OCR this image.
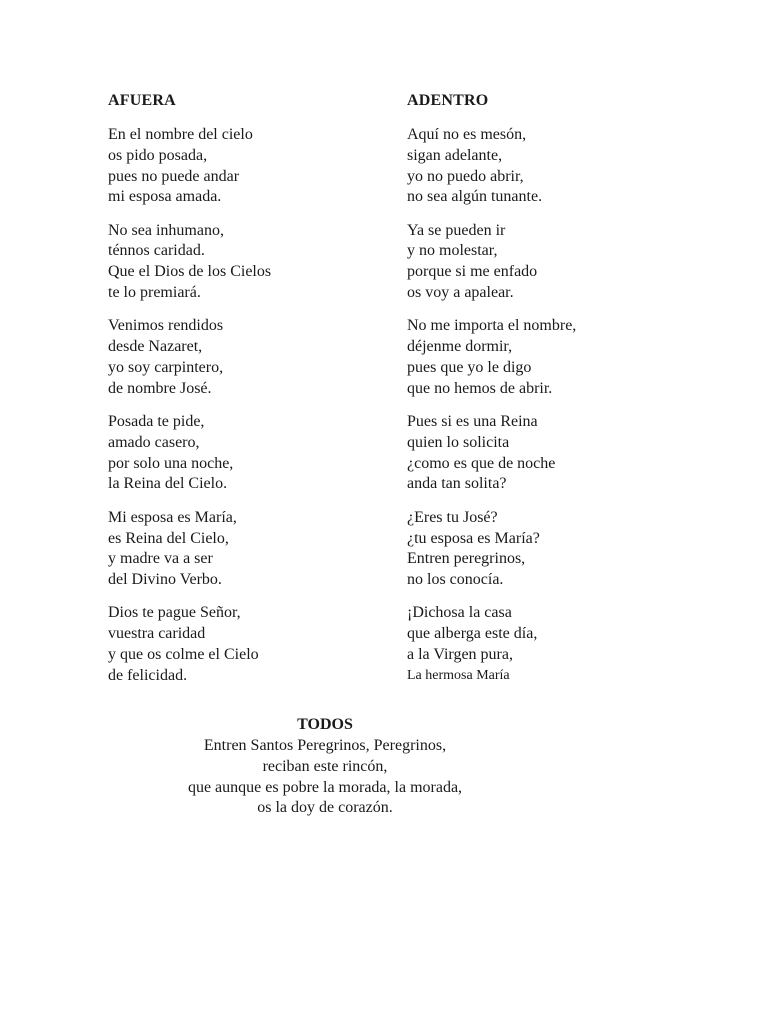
AFUERA
En el nombre del cielo
os pido posada,
pues no puede andar
mi esposa amada.
No sea inhumano,
ténnos caridad.
Que el Dios de los Cielos
te lo premiará.
Venimos rendidos
desde Nazaret,
yo soy carpintero,
de nombre José.
Posada te pide,
amado casero,
por solo una noche,
la Reina del Cielo.
Mi esposa es María,
es Reina del Cielo,
y madre va a ser
del Divino Verbo.
Dios te pague Señor,
vuestra caridad
y que os colme el Cielo
de felicidad.
ADENTRO
Aquí no es mesón,
sigan adelante,
yo no puedo abrir,
no sea algún tunante.
Ya se pueden ir
y no molestar,
porque si me enfado
os voy a apalear.
No me importa el nombre,
déjenme dormir,
pues que yo le digo
que no hemos de abrir.
Pues si es una Reina
quien lo solicita
¿como es que de noche
anda tan solita?
¿Eres tu José?
¿tu esposa es María?
Entren peregrinos,
no los conocía.
¡Dichosa la casa
que alberga este día,
a la Virgen pura,
La hermosa María
TODOS
Entren Santos Peregrinos, Peregrinos,
reciban este rincón,
que aunque es pobre la morada, la morada,
os la doy de corazón.
